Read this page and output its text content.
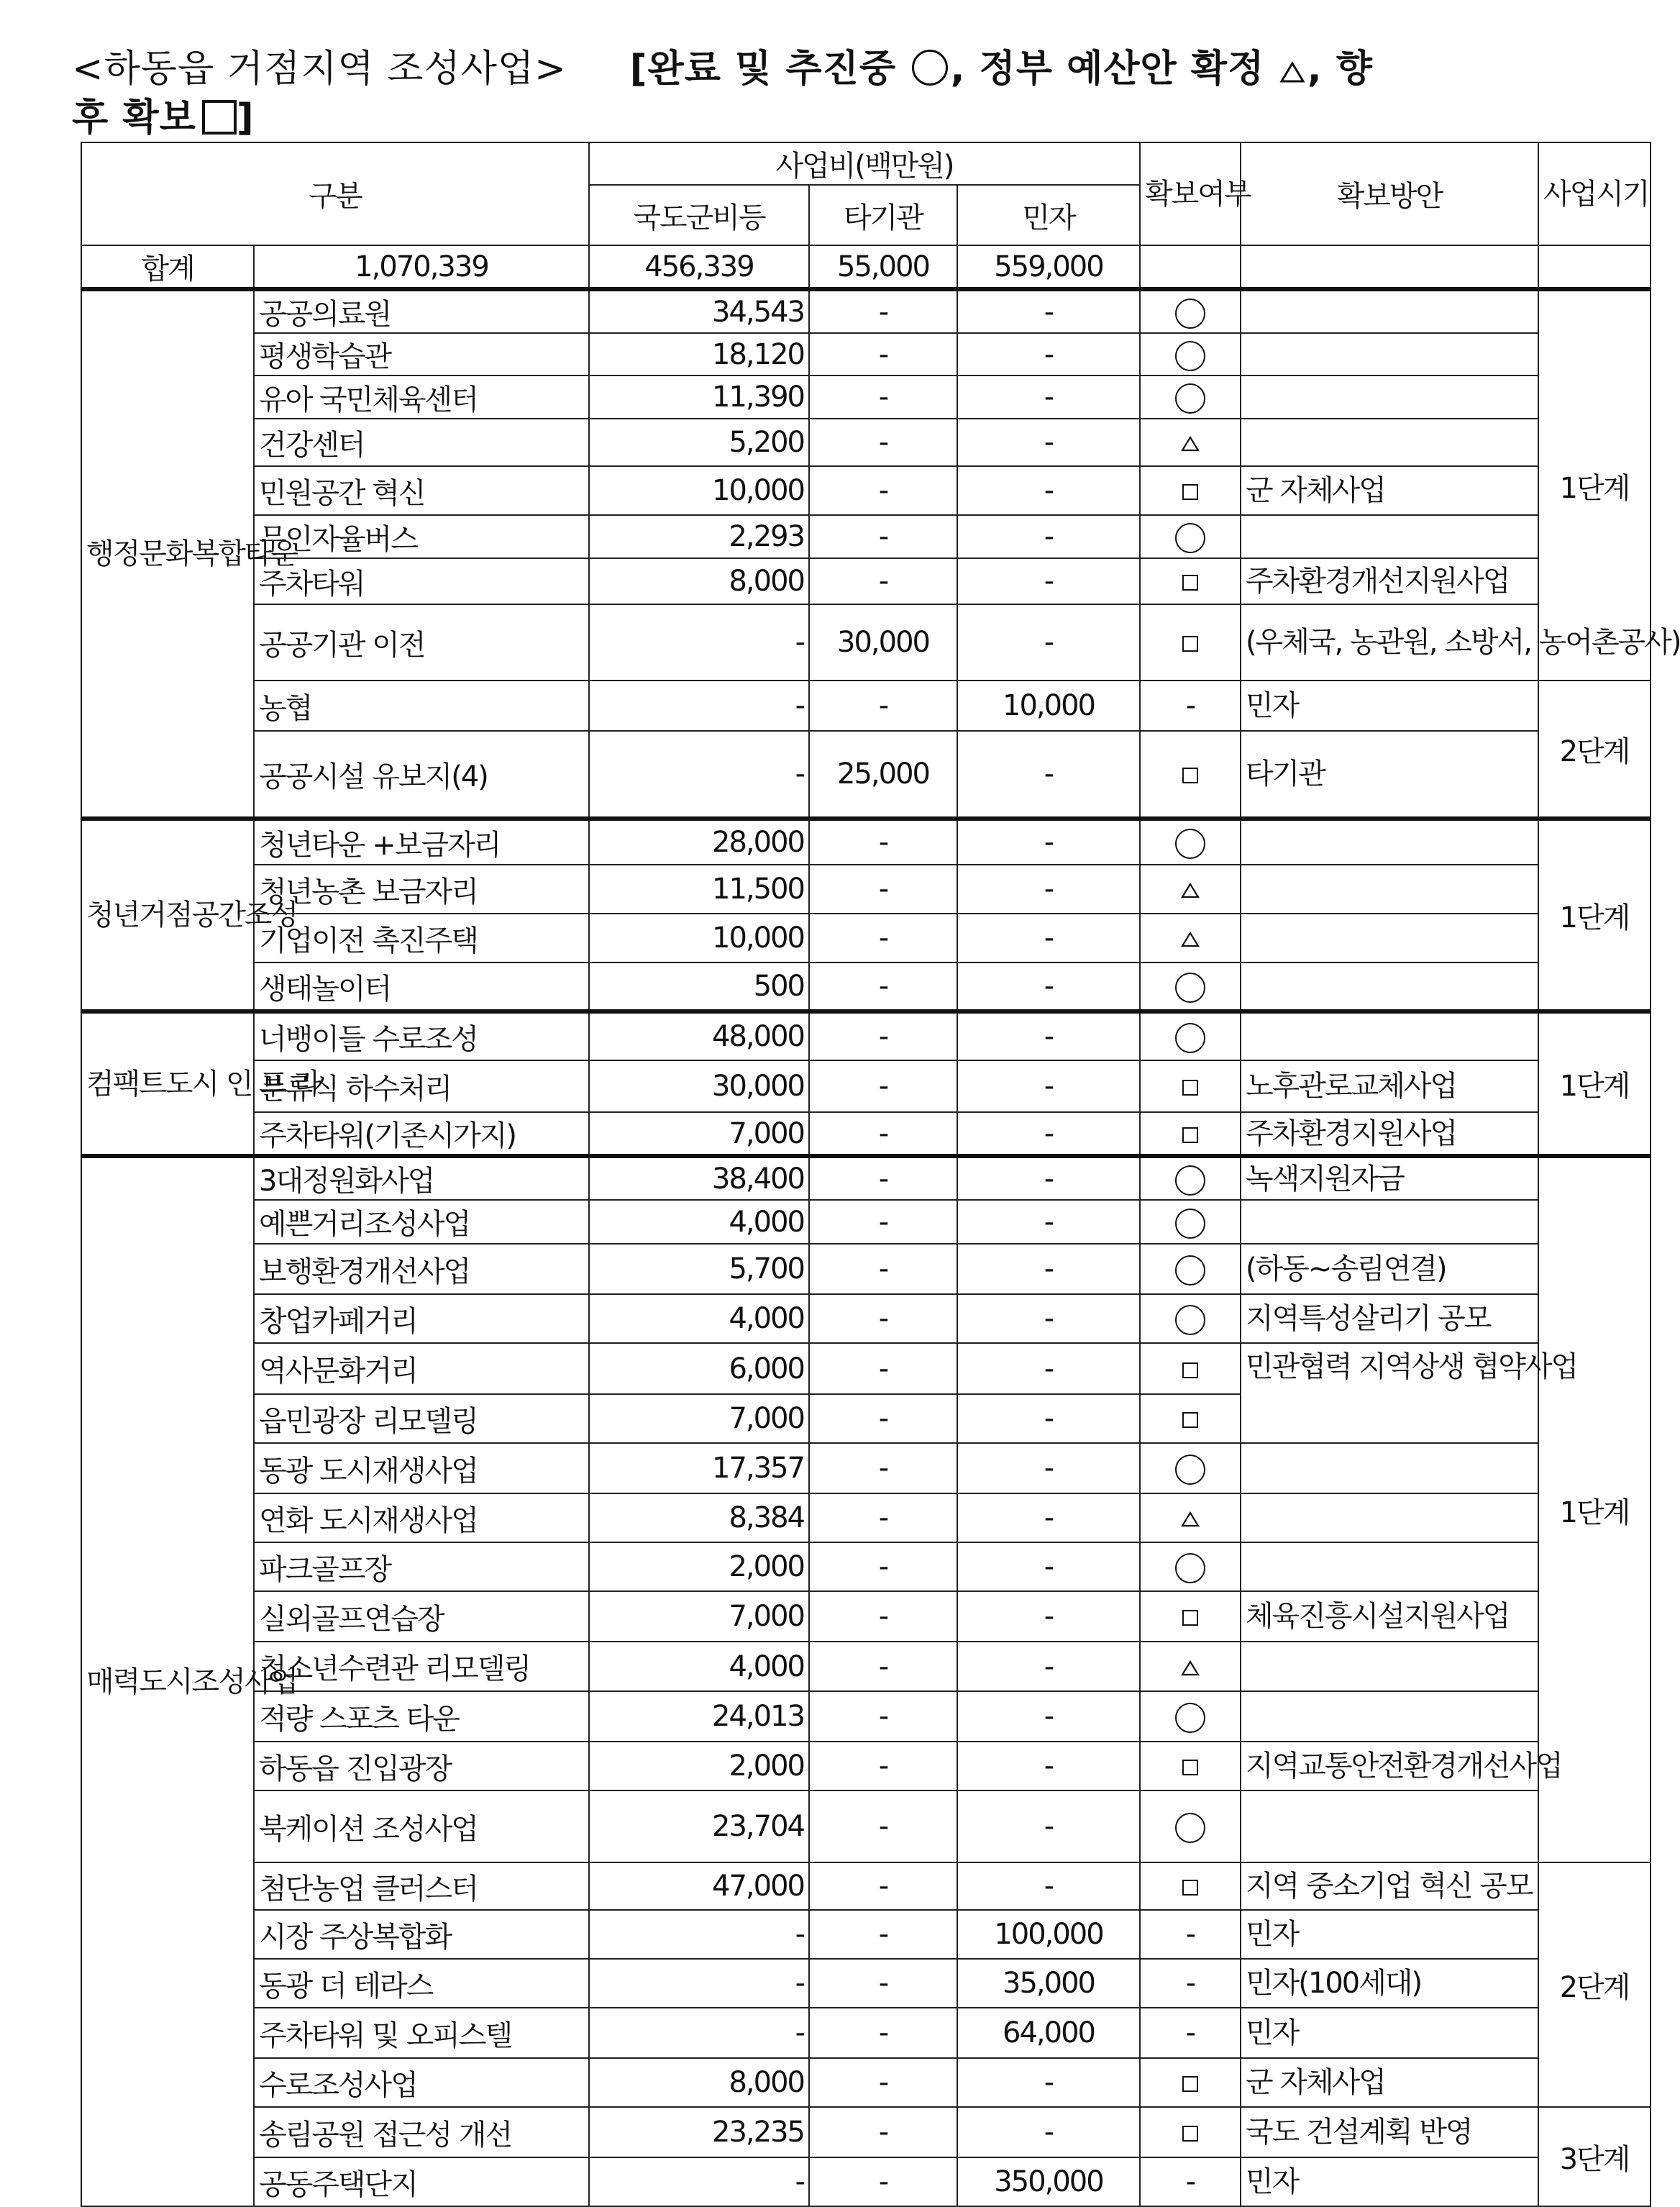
<하동읍 거점지역 조성사업> [완료 및 추진중 , 정부 예산안 확정 , 향
후 확보 ]
구분		사업비(백만원)			확보여부	확보방안	사업시기
		국도군비등	타기관	민자			
합계	1,070,339	456,339	55,000	559,000			
행정문화복합타운	공공의료원	34,543	-	-			1단계
	평생학습관	18,120	-	-			
	유아 국민체육센터	11,390	-	-			
	건강센터	5,200	-	-		
	민원공간 혁신	10,000	-	-		군 자체사업	
	무인자율버스	2,293	-	-			
	주차타워	8,000	-	-		주차환경개선지원사업	
	공공기관 이전	-	30,000	-		(우체국, 농관원, 소방서, 농어촌공사)	
	농협	-	-	10,000	-	민자	2단계
	공공시설 유보지(4)	-	25,000	-		타기관	
청년거점공간조성	청년타운 +보금자리	28,000	-	-			1단계
	청년농촌 보금자리	11,500	-	-		
	기업이전 촉진주택	10,000	-	-		
	생태놀이터	500	-	-			
컴팩트도시 인 프 라	너뱅이들 수로조성	48,000	-	-			1단계
	분류식 하수처리	30,000	-	-		노후관로교체사업	
	주차타워(기존시가지)	7,000	-	-		주차환경지원사업	
매력도시조성사업	3대정원화사업	38,400	-	-		녹색지원자금	1단계
	예쁜거리조성사업	4,000	-	-			
	보행환경개선사업	5,700	-	-		(하동~송림연결)	
	창업카페거리	4,000	-	-		지역특성살리기 공모	
	역사문화거리	6,000	-	-		민관협력 지역상생 협약사업	
	읍민광장 리모델링	7,000	-	-			
	동광 도시재생사업	17,357	-	-			
	연화 도시재생사업	8,384	-	-		
	파크골프장	2,000	-	-			
	실외골프연습장	7,000	-	-		체육진흥시설지원사업	
	청소년수련관 리모델링	4,000	-	-		
	적량 스포츠 타운	24,013	-	-			
	하동읍 진입광장	2,000	-	-		지역교통안전환경개선사업	
	북케이션 조성사업	23,704	-	-			
	첨단농업 클러스터	47,000	-	-		지역 중소기업 혁신 공모	2단계
	시장 주상복합화	-	-	100,000	-	민자	
	동광 더 테라스	-	-	35,000	-	민자(100세대)	
	주차타워 및 오피스텔	-	-	64,000	-	민자	
	수로조성사업	8,000	-	-		군 자체사업	
	송림공원 접근성 개선	23,235	-	-		국도 건설계획 반영	3단계
	공동주택단지	-	-	350,000	-	민자	
